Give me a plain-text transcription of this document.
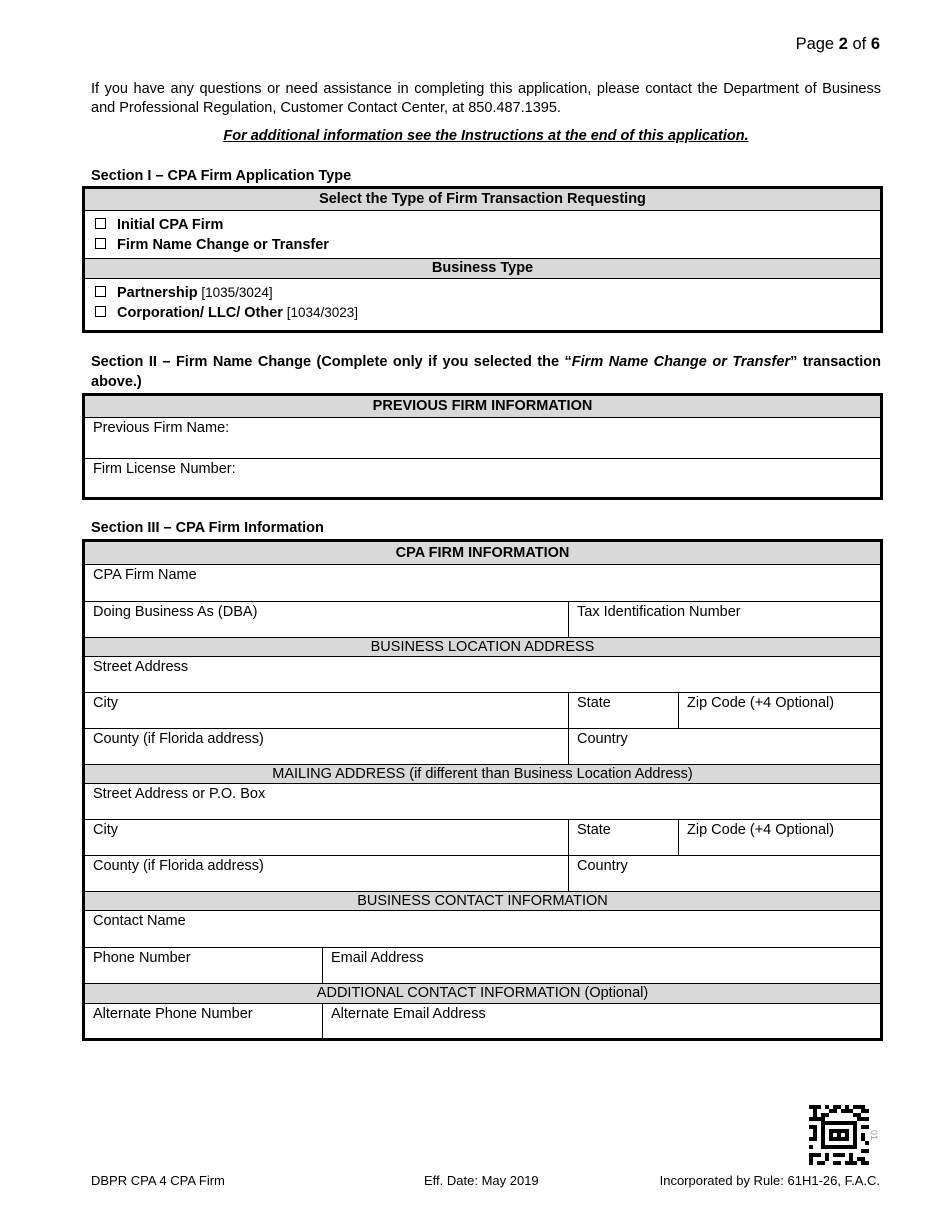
Page 2 of 6
If you have any questions or need assistance in completing this application, please contact the Department of Business and Professional Regulation, Customer Contact Center, at 850.487.1395.
For additional information see the Instructions at the end of this application.
Section I – CPA Firm Application Type
Select the Type of Firm Transaction Requesting
Initial CPA Firm
Firm Name Change or Transfer
Business Type
Partnership [1035/3024]
Corporation/ LLC/ Other [1034/3023]
Section II – Firm Name Change (Complete only if you selected the “Firm Name Change or Transfer” transaction above.)
PREVIOUS FIRM INFORMATION
Previous Firm Name:
Firm License Number:
Section III – CPA Firm Information
CPA FIRM INFORMATION
CPA Firm Name
Doing Business As (DBA)	Tax Identification Number
BUSINESS LOCATION ADDRESS
Street Address
City	State	Zip Code (+4 Optional)
County (if Florida address)	Country
MAILING ADDRESS (if different than Business Location Address)
Street Address or P.O. Box
City	State	Zip Code (+4 Optional)
County (if Florida address)	Country
BUSINESS CONTACT INFORMATION
Contact Name
Phone Number	Email Address
ADDITIONAL CONTACT INFORMATION (Optional)
Alternate Phone Number	Alternate Email Address
01
DBPR CPA 4 CPA Firm	Eff. Date: May 2019	Incorporated by Rule: 61H1-26, F.A.C.
